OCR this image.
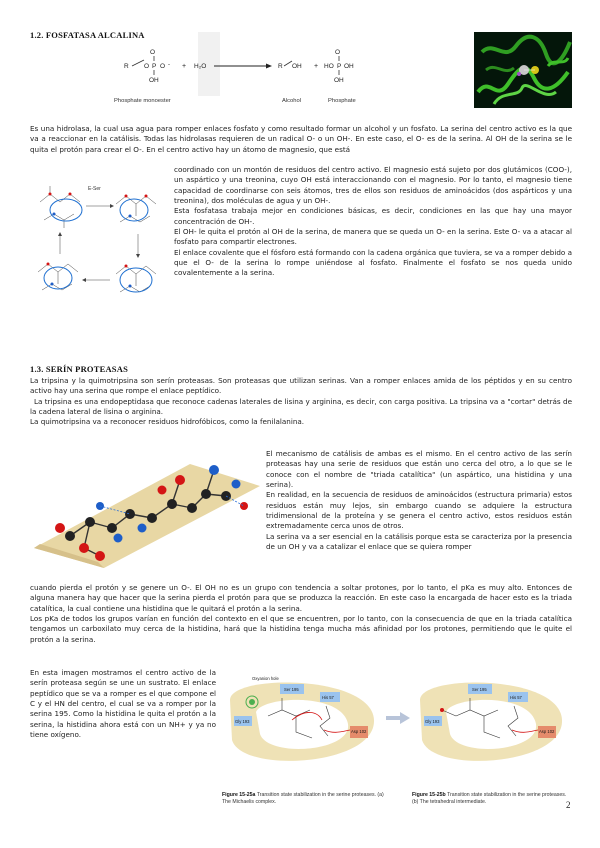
1.2. FOSFATASA ALCALINA
R O P O
O
OH
- + H₂O	R OH + HO P OH
O
OH
Phosphate monoester	Alcohol	Phosphate

Es una hidrolasa, la cual usa agua para romper enlaces fosfato y como resultado formar un alcohol y un fosfato. La serina del centro activo es la que va a reaccionar en la catálisis. Todas las hidrolasas requieren de un radical O- o un OH-. En este caso, el O- es de la serina. Al OH de la serina se le quita el protón para crear el O-. En el centro activo hay un átomo de magnesio, que está

E-Ser

coordinado con un montón de residuos del centro activo. El magnesio está sujeto por dos glutámicos (COO-), un aspártico y una treonina, cuyo OH está interaccionando con el magnesio. Por lo tanto, el magnesio tiene capacidad de coordinarse con seis átomos, tres de ellos son residuos de aminoácidos (dos aspárticos y una treonina), dos moléculas de agua y un OH-.

Esta fosfatasa trabaja mejor en condiciones básicas, es decir, condiciones en las que hay una mayor concentración de OH-.

El OH- le quita el protón al OH de la serina, de manera que se queda un O- en la serina. Este O- va a atacar al fosfato para compartir electrones.

El enlace covalente que el fósforo está formando con la cadena orgánica que tuviera, se va a romper debido a que el O- de la serina lo rompe uniéndose al fosfato. Finalmente el fosfato se nos queda unido covalentemente a la serina.

1.3. SERÍN PROTEASAS

La tripsina y la quimotripsina son serín proteasas. Son proteasas que utilizan serinas. Van a romper enlaces amida de los péptidos y en su centro activo hay una serina que rompe el enlace peptídico.

La tripsina es una endopeptidasa que reconoce cadenas laterales de lisina y arginina, es decir, con carga positiva. La tripsina va a "cortar" detrás de la cadena lateral de lisina o arginina.

La quimotripsina va a reconocer residuos hidrofóbicos, como la fenilalanina.

El mecanismo de catálisis de ambas es el mismo. En el centro activo de las serín proteasas hay una serie de residuos que están uno cerca del otro, a lo que se le conoce con el nombre de "triada catalítica" (un aspártico, una histidina y una serina).

En realidad, en la secuencia de residuos de aminoácidos (estructura primaria) estos residuos están muy lejos, sin embargo cuando se adquiere la estructura tridimensional de la proteína y se genera el centro activo, estos residuos están extremadamente cerca unos de otros.

La serina va a ser esencial en la catálisis porque esta se caracteriza por la presencia de un OH y va a catalizar el enlace que se quiera romper

cuando pierda el protón y se genere un O-. El OH no es un grupo con tendencia a soltar protones, por lo tanto, el pKa es muy alto. Entonces de alguna manera hay que hacer que la serina pierda el protón para que se produzca la reacción. En este caso la encargada de hacer esto es la triada catalítica, la cual contiene una histidina que le quitará el protón a la serina.

Los pKa de todos los grupos varían en función del contexto en el que se encuentren, por lo tanto, con la consecuencia de que en la triada catalítica tengamos un carboxilato muy cerca de la histidina, hará que la histidina tenga mucha más afinidad por los protones, permitiendo que le quite el protón a la serina.

En esta imagen mostramos el centro activo de la serín proteasa según se une un sustrato. El enlace peptídico que se va a romper es el que compone el C y el HN del centro, el cual se va a romper por la serina 195. Como la histidina le quita el protón a la serina, la histidina ahora está con un NH+ y ya no tiene oxígeno.

Ser 195
His 57
Gly 193
Asp 102
Oxyanion hole
Figure 15-25a Transition state stabilization in the serine proteases. (a) The Michaelis complex.
Ser 195
His 57
Gly 193
Asp 102
Figure 15-25b Transition state stabilization in the serine proteases. (b) The tetrahedral intermediate.	2
